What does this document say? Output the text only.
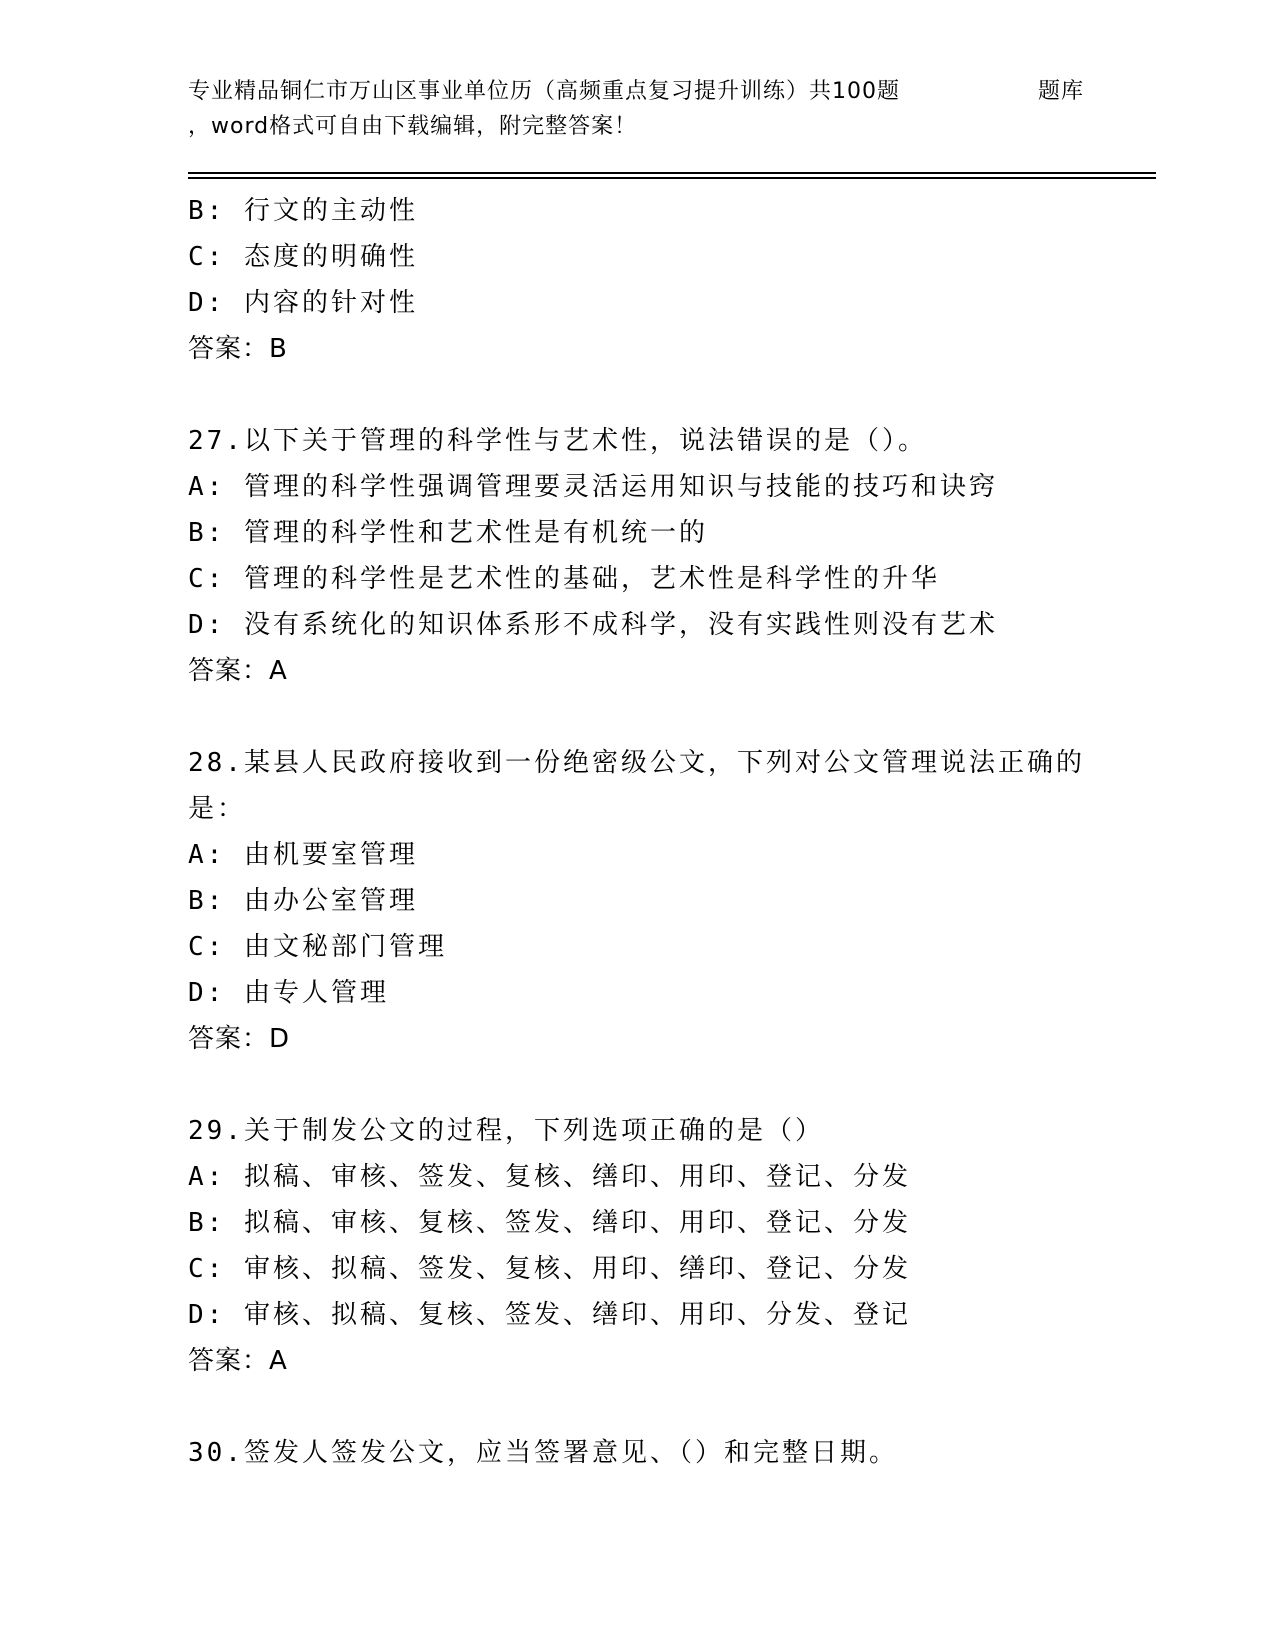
专业精品铜仁市万山区事业单位历（高频重点复习提升训练）共100题	题库
，word格式可自由下载编辑，附完整答案！
B: 行文的主动性
C: 态度的明确性
D: 内容的针对性
答案：B
27.以下关于管理的科学性与艺术性，说法错误的是（）。
A: 管理的科学性强调管理要灵活运用知识与技能的技巧和诀窍
B: 管理的科学性和艺术性是有机统一的
C: 管理的科学性是艺术性的基础，艺术性是科学性的升华
D: 没有系统化的知识体系形不成科学，没有实践性则没有艺术
答案：A
28.某县人民政府接收到一份绝密级公文，下列对公文管理说法正确的
是：
A: 由机要室管理
B: 由办公室管理
C: 由文秘部门管理
D: 由专人管理
答案：D
29.关于制发公文的过程，下列选项正确的是（）
A: 拟稿、审核、签发、复核、缮印、用印、登记、分发
B: 拟稿、审核、复核、签发、缮印、用印、登记、分发
C: 审核、拟稿、签发、复核、用印、缮印、登记、分发
D: 审核、拟稿、复核、签发、缮印、用印、分发、登记
答案：A
30.签发人签发公文，应当签署意见、（）和完整日期。
